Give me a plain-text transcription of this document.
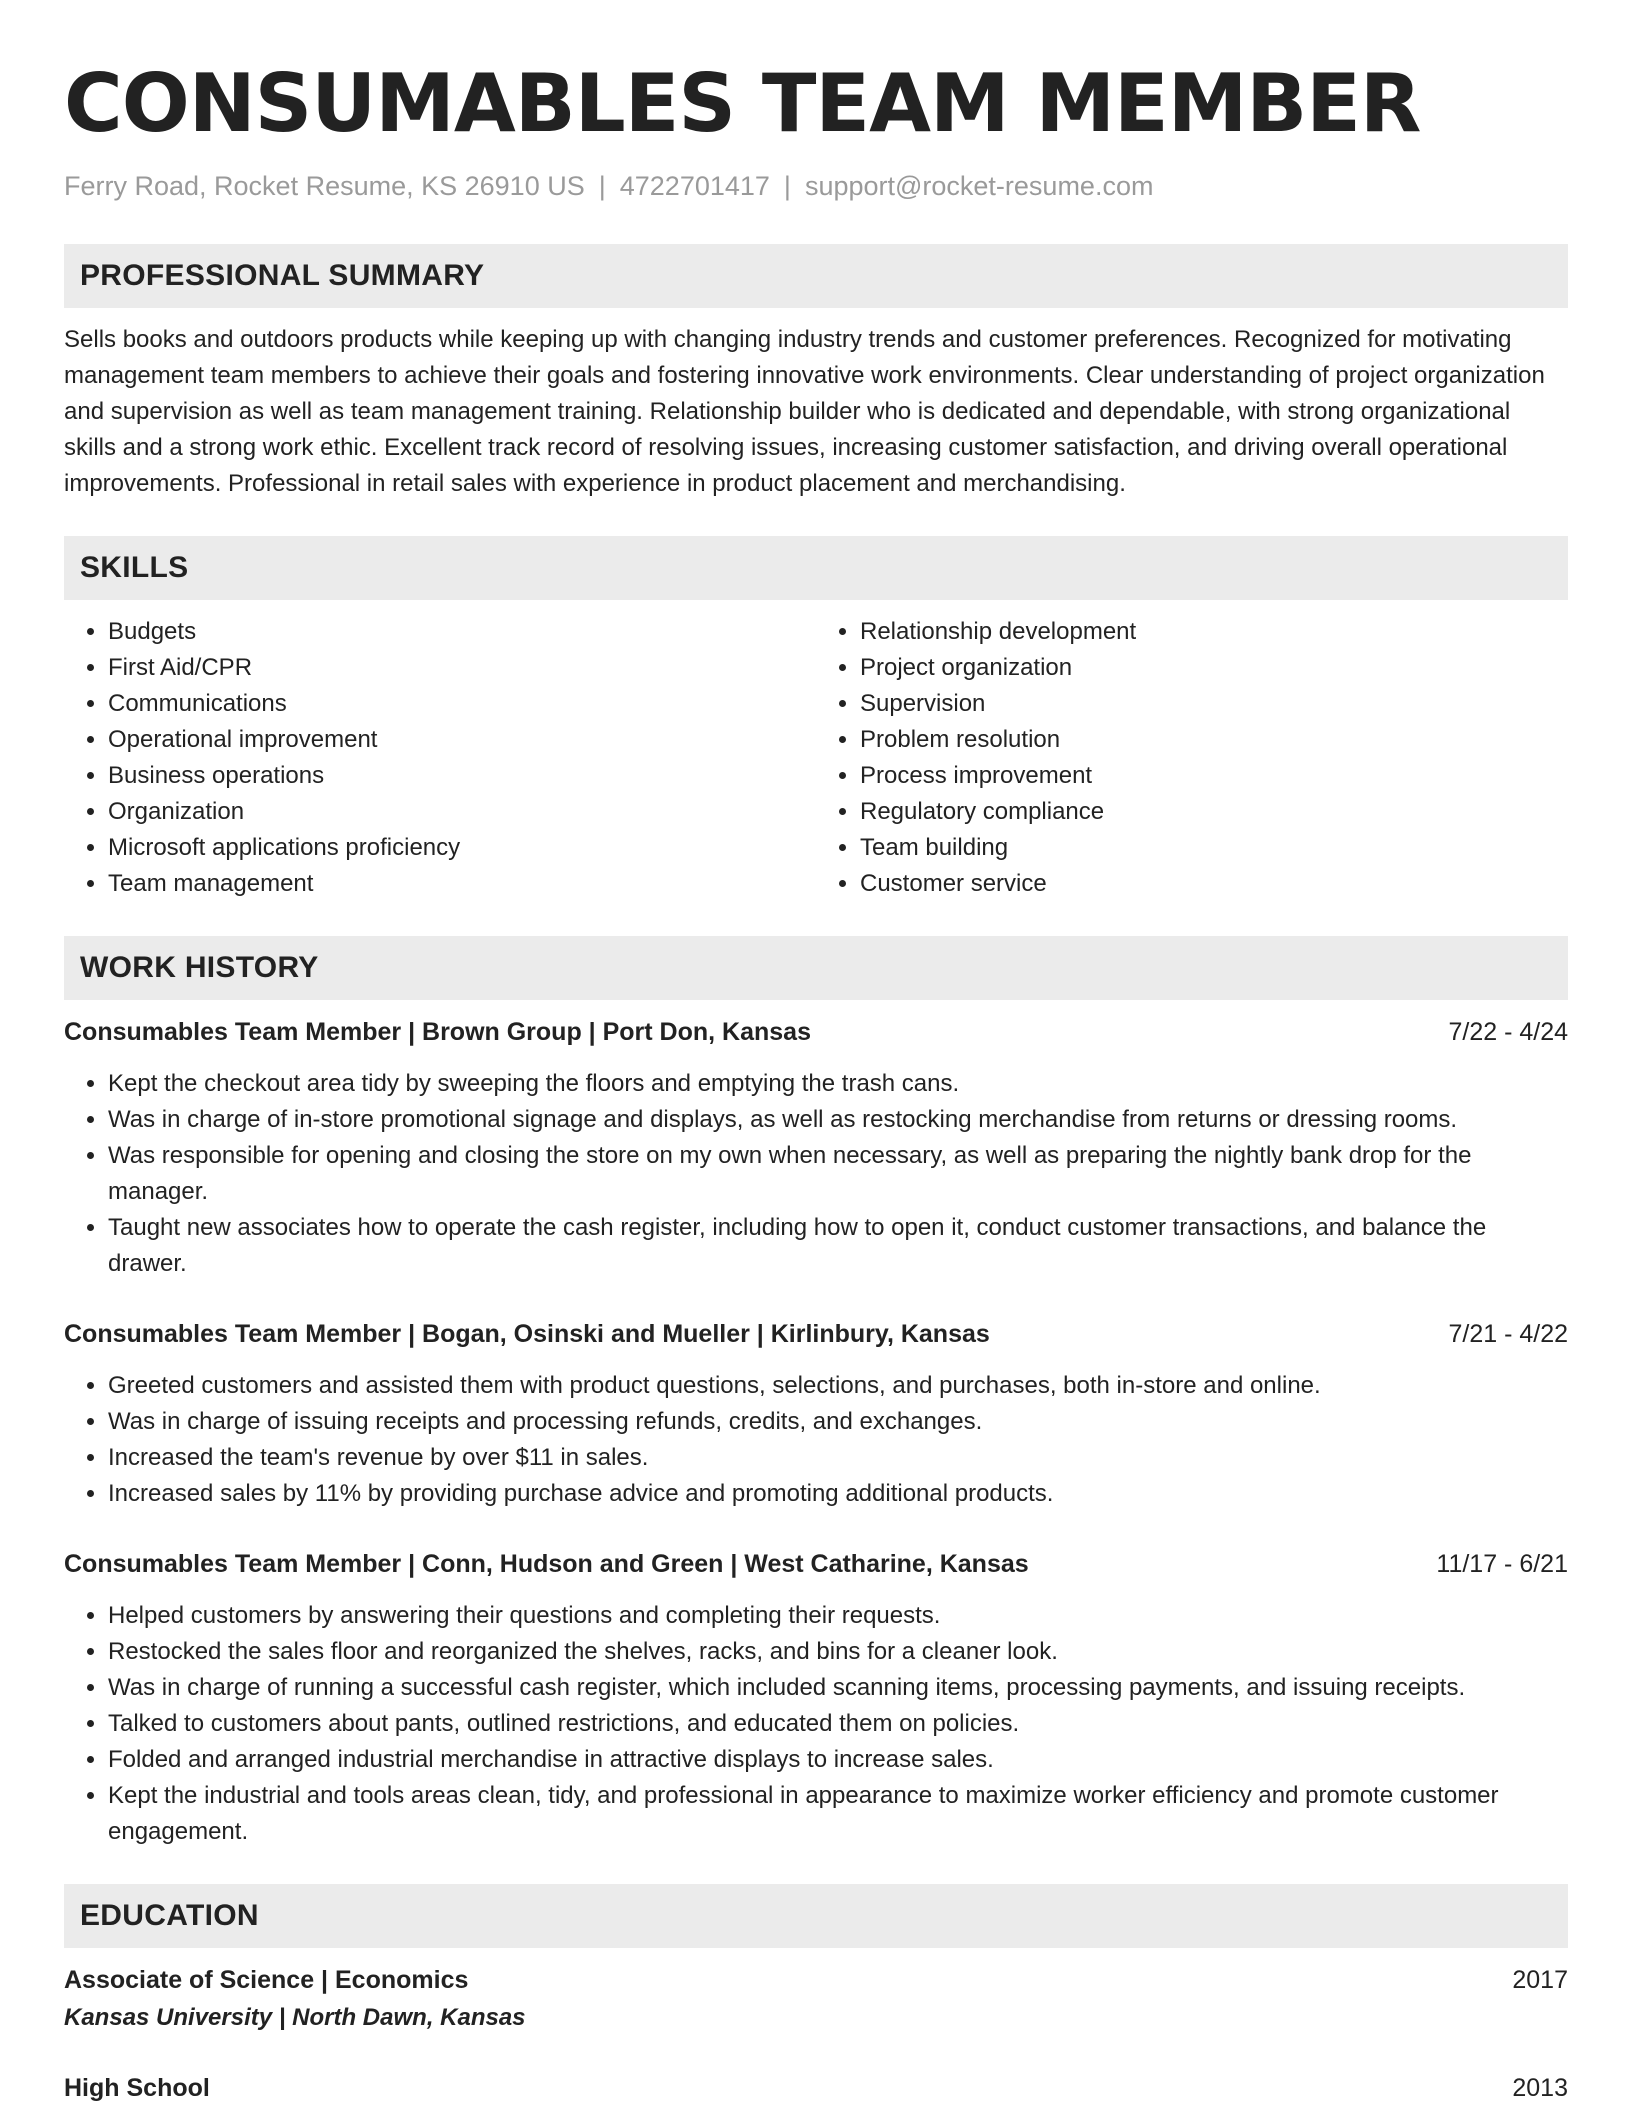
CONSUMABLES TEAM MEMBER
Ferry Road, Rocket Resume, KS 26910 US | 4722701417 | support@rocket-resume.com
PROFESSIONAL SUMMARY

Sells books and outdoors products while keeping up with changing industry trends and customer preferences. Recognized for motivating management team members to achieve their goals and fostering innovative work environments. Clear understanding of project organization and supervision as well as team management training. Relationship builder who is dedicated and dependable, with strong organizational skills and a strong work ethic. Excellent track record of resolving issues, increasing customer satisfaction, and driving overall operational improvements. Professional in retail sales with experience in product placement and merchandising.

SKILLS
• Budgets
• First Aid/CPR
• Communications
• Operational improvement
• Business operations
• Organization
• Microsoft applications proficiency
• Team management
• Relationship development
• Project organization
• Supervision
• Problem resolution
• Process improvement
• Regulatory compliance
• Team building
• Customer service
WORK HISTORY
Consumables Team Member | Brown Group | Port Don, Kansas	7/22 - 4/24
• Kept the checkout area tidy by sweeping the floors and emptying the trash cans.
• Was in charge of in-store promotional signage and displays, as well as restocking merchandise from returns or dressing rooms.
• Was responsible for opening and closing the store on my own when necessary, as well as preparing the nightly bank drop for the manager.
• Taught new associates how to operate the cash register, including how to open it, conduct customer transactions, and balance the drawer.
Consumables Team Member | Bogan, Osinski and Mueller | Kirlinbury, Kansas	7/21 - 4/22
• Greeted customers and assisted them with product questions, selections, and purchases, both in-store and online.
• Was in charge of issuing receipts and processing refunds, credits, and exchanges.
• Increased the team's revenue by over $11 in sales.
• Increased sales by 11% by providing purchase advice and promoting additional products.
Consumables Team Member | Conn, Hudson and Green | West Catharine, Kansas	11/17 - 6/21
• Helped customers by answering their questions and completing their requests.
• Restocked the sales floor and reorganized the shelves, racks, and bins for a cleaner look.
• Was in charge of running a successful cash register, which included scanning items, processing payments, and issuing receipts.
• Talked to customers about pants, outlined restrictions, and educated them on policies.
• Folded and arranged industrial merchandise in attractive displays to increase sales.
• Kept the industrial and tools areas clean, tidy, and professional in appearance to maximize worker efficiency and promote customer engagement.
EDUCATION
Associate of Science | Economics	2017
Kansas University | North Dawn, Kansas
High School	2013
